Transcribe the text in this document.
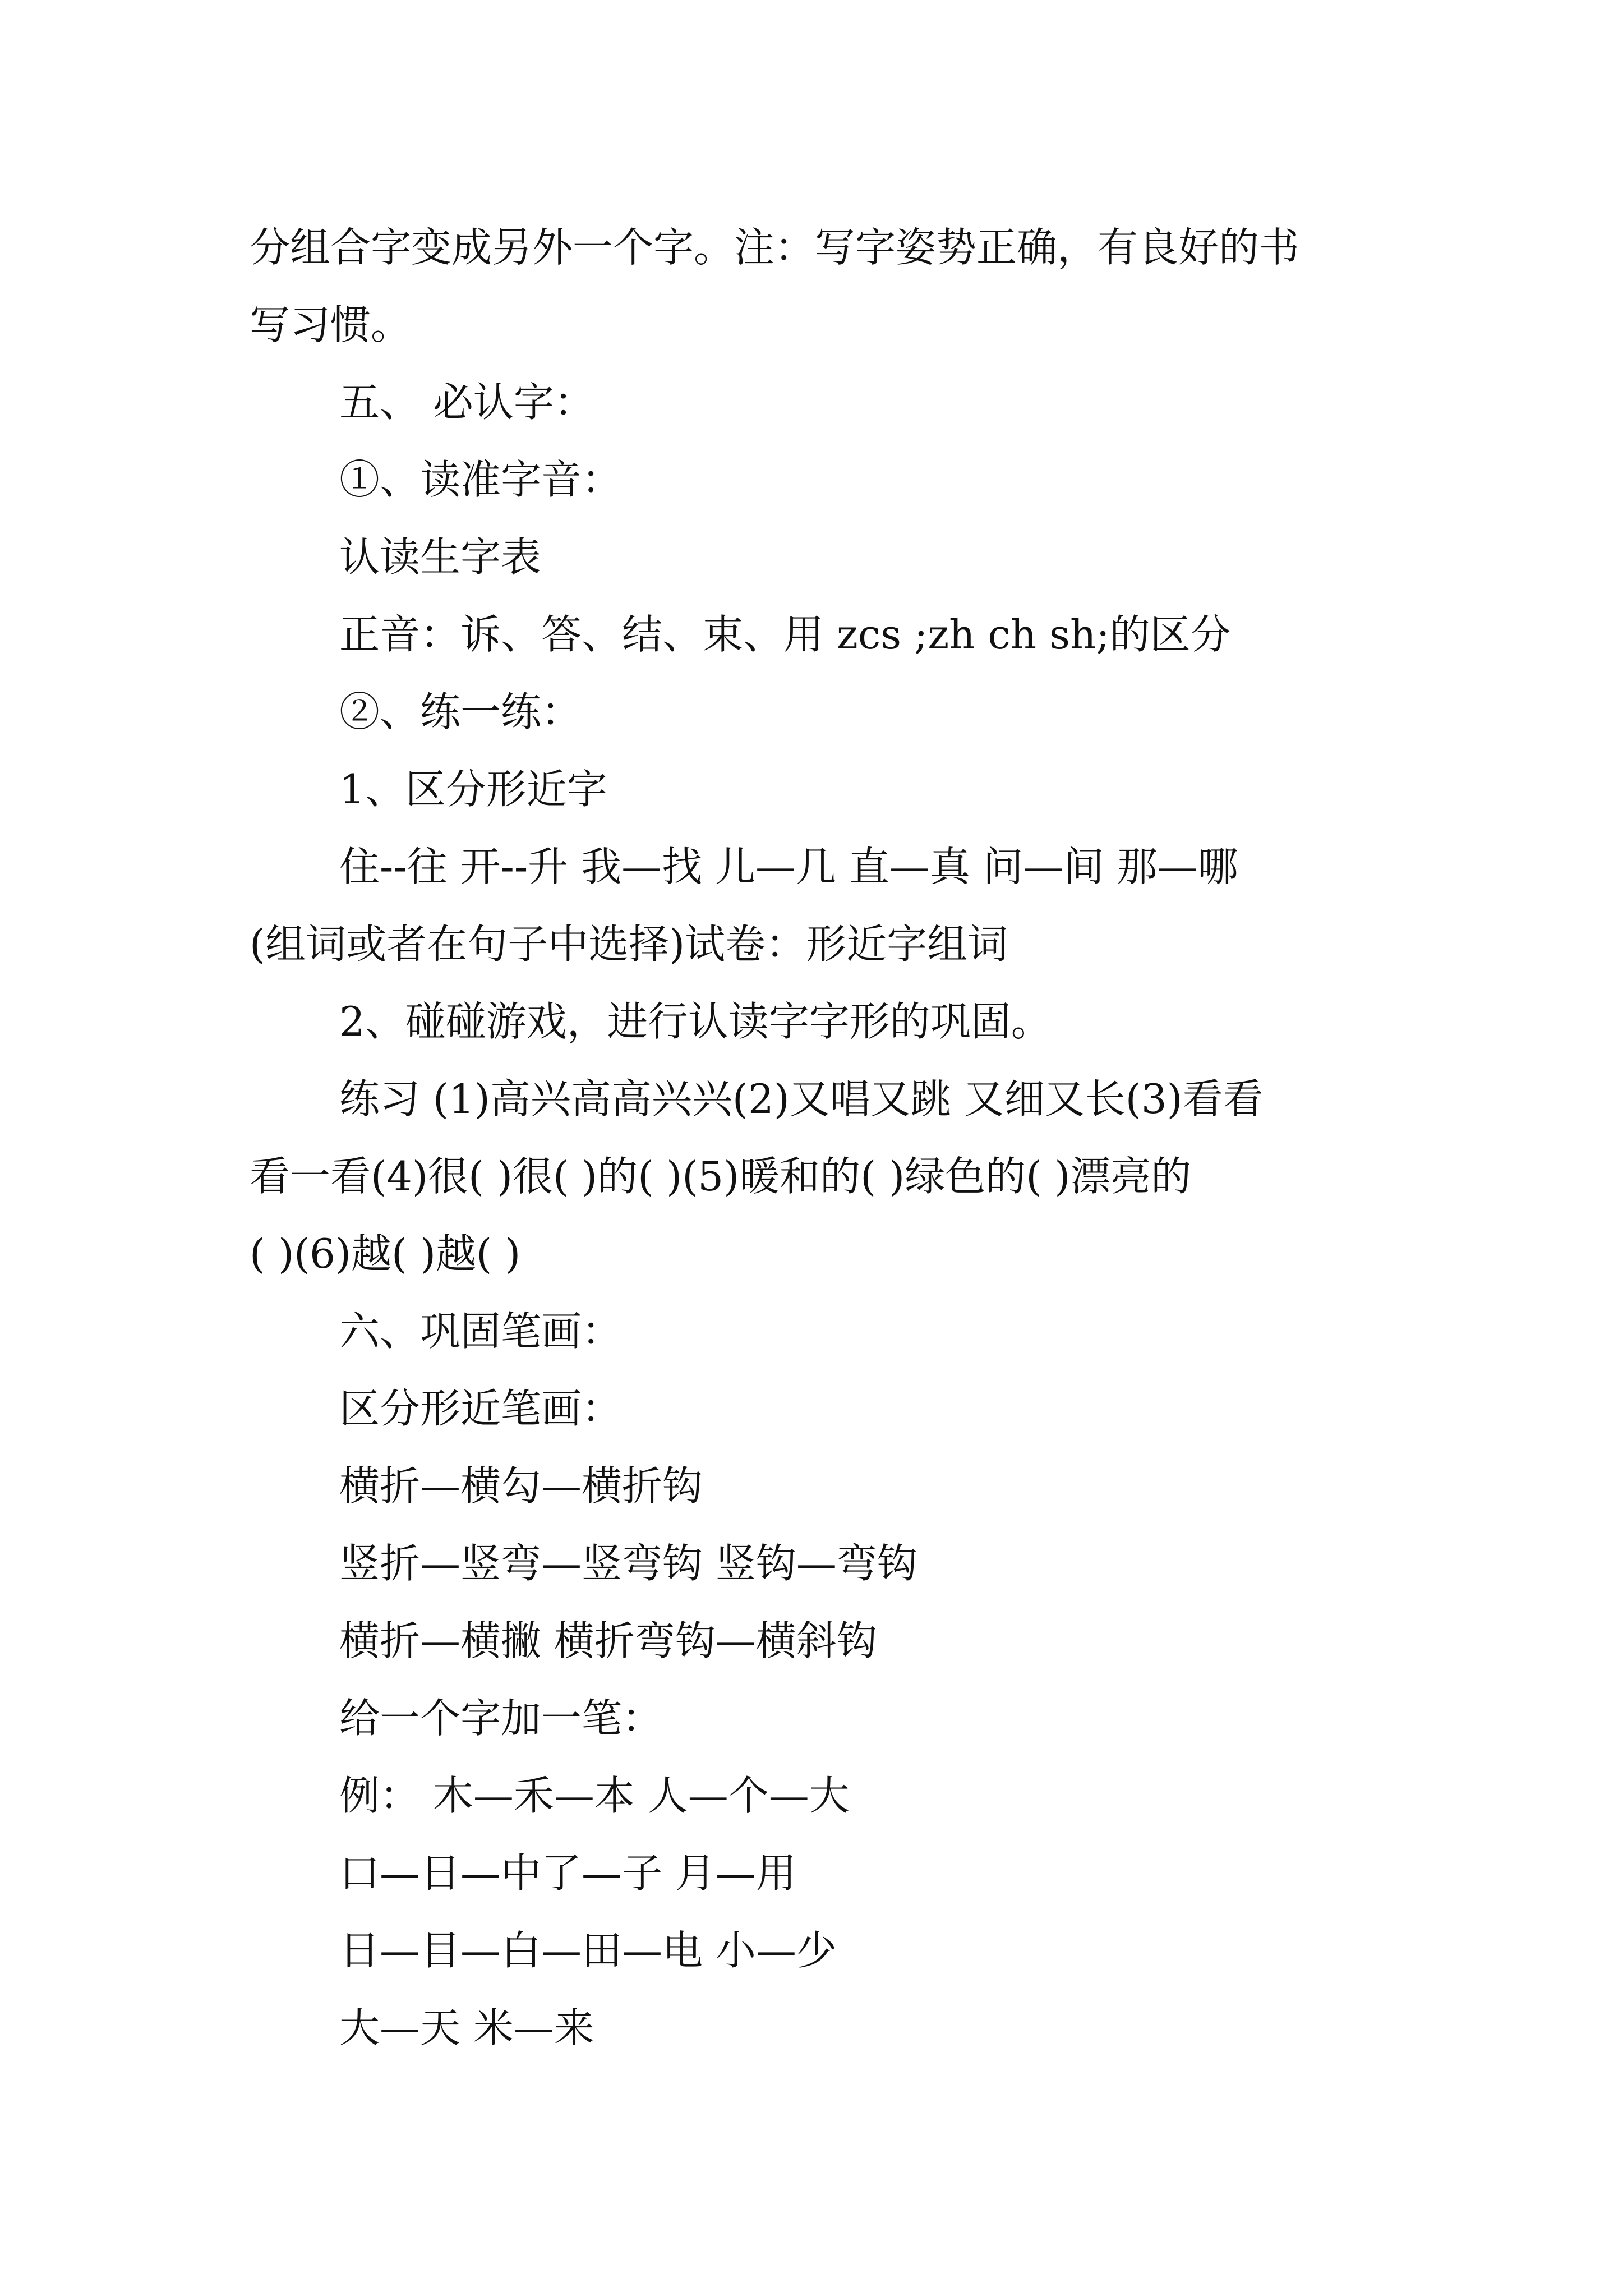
分组合字变成另外一个字。注：写字姿势正确，有良好的书
写习惯。
五、 必认字：
①、读准字音：
认读生字表
正音：诉、答、结、束、用 zcs ;zh ch sh;的区分
②、练一练：
1、区分形近字
住--往 开--升 我—找 儿—几 直—真 问—间 那—哪
(组词或者在句子中选择)试卷：形近字组词
2、碰碰游戏，进行认读字字形的巩固。
练习 (1)高兴高高兴兴(2)又唱又跳 又细又长(3)看看
看一看(4)很( )很( )的( )(5)暖和的( )绿色的( )漂亮的
( )(6)越( )越( )
六、巩固笔画：
区分形近笔画：
横折—横勾—横折钩
竖折—竖弯—竖弯钩 竖钩—弯钩
横折—横撇 横折弯钩—横斜钩
给一个字加一笔：
例： 木—禾—本 人—个—大
口—日—中了—子 月—用
日—目—白—田—电 小—少
大—天 米—来
